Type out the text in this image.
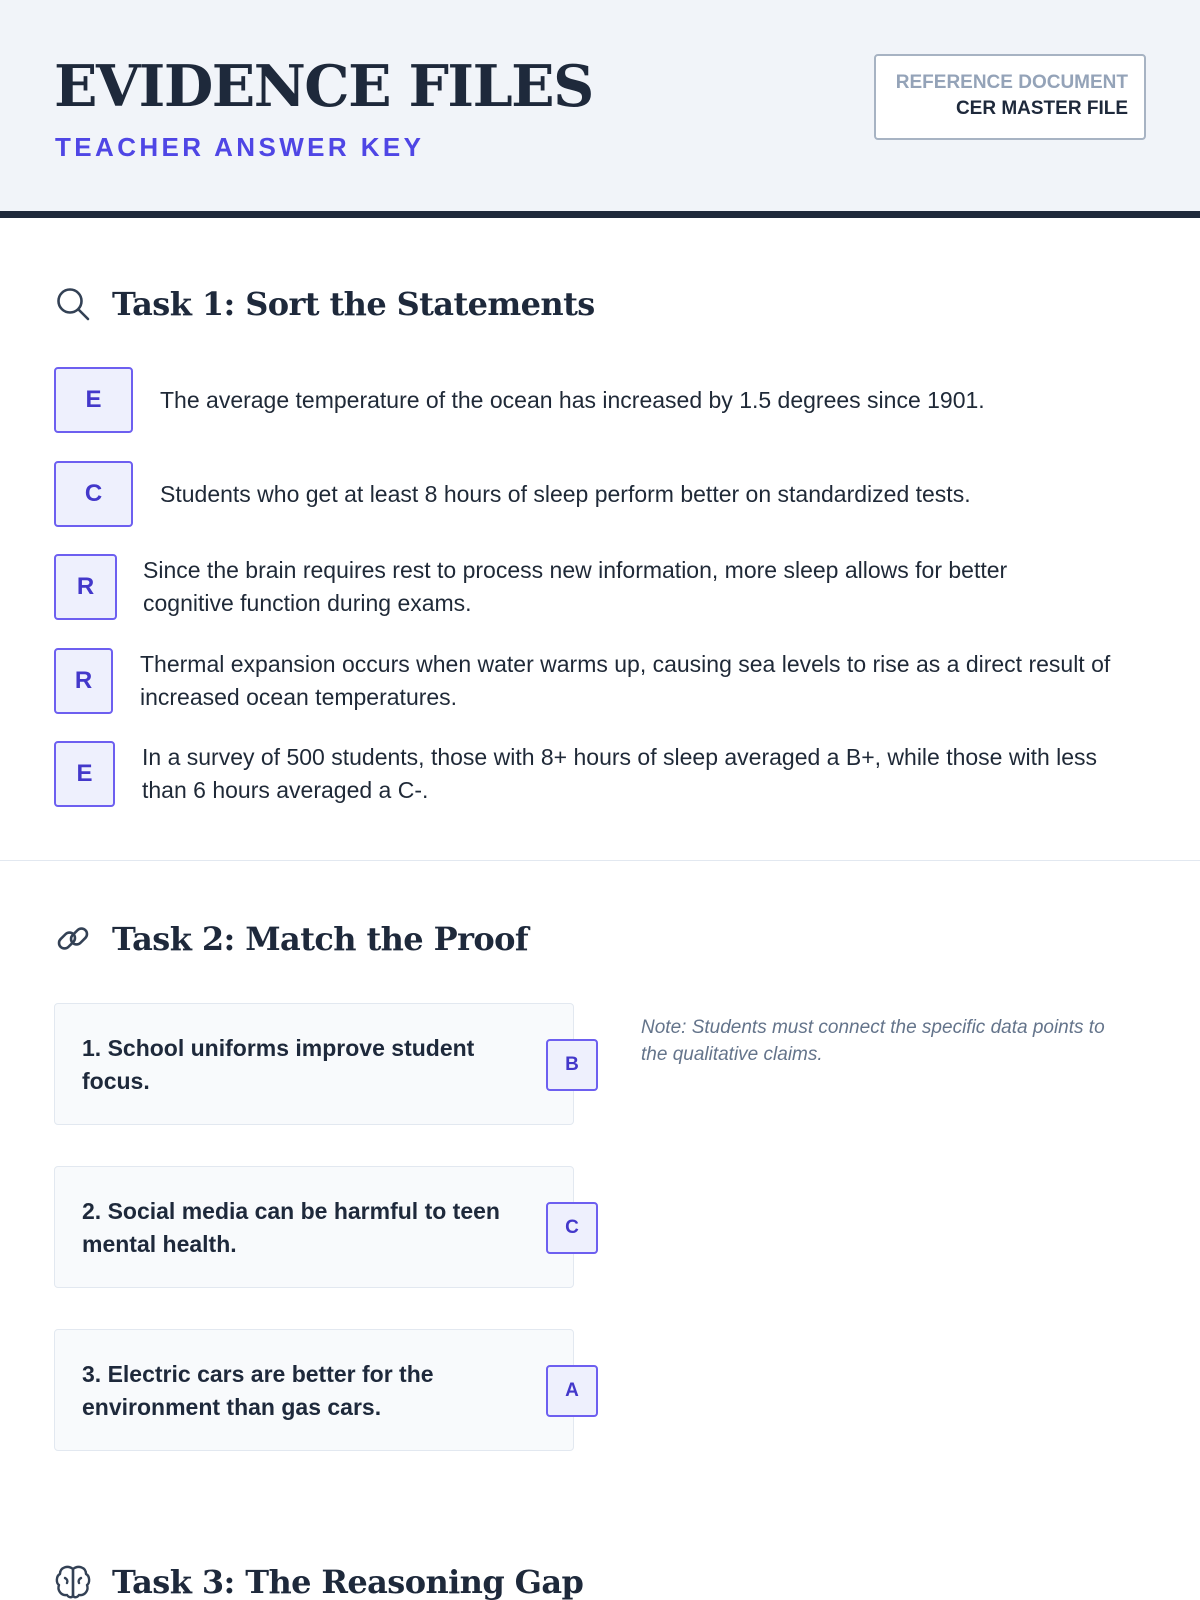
EVIDENCE FILES
TEACHER ANSWER KEY
REFERENCE DOCUMENT
CER MASTER FILE
Task 1: Sort the Statements
E	The average temperature of the ocean has increased by 1.5 degrees since 1901.
C	Students who get at least 8 hours of sleep perform better on standardized tests.
R
Since the brain requires rest to process new information, more sleep allows for better cognitive function during exams.
R
Thermal expansion occurs when water warms up, causing sea levels to rise as a direct result of increased ocean temperatures.
E
In a survey of 500 students, those with 8+ hours of sleep averaged a B+, while those with less than 6 hours averaged a C-.
Task 2: Match the Proof
1. School uniforms improve student focus.
B
2. Social media can be harmful to teen mental health.
C
3. Electric cars are better for the environment than gas cars.
A
Note: Students must connect the specific data points to the qualitative claims.
Task 3: The Reasoning Gap
